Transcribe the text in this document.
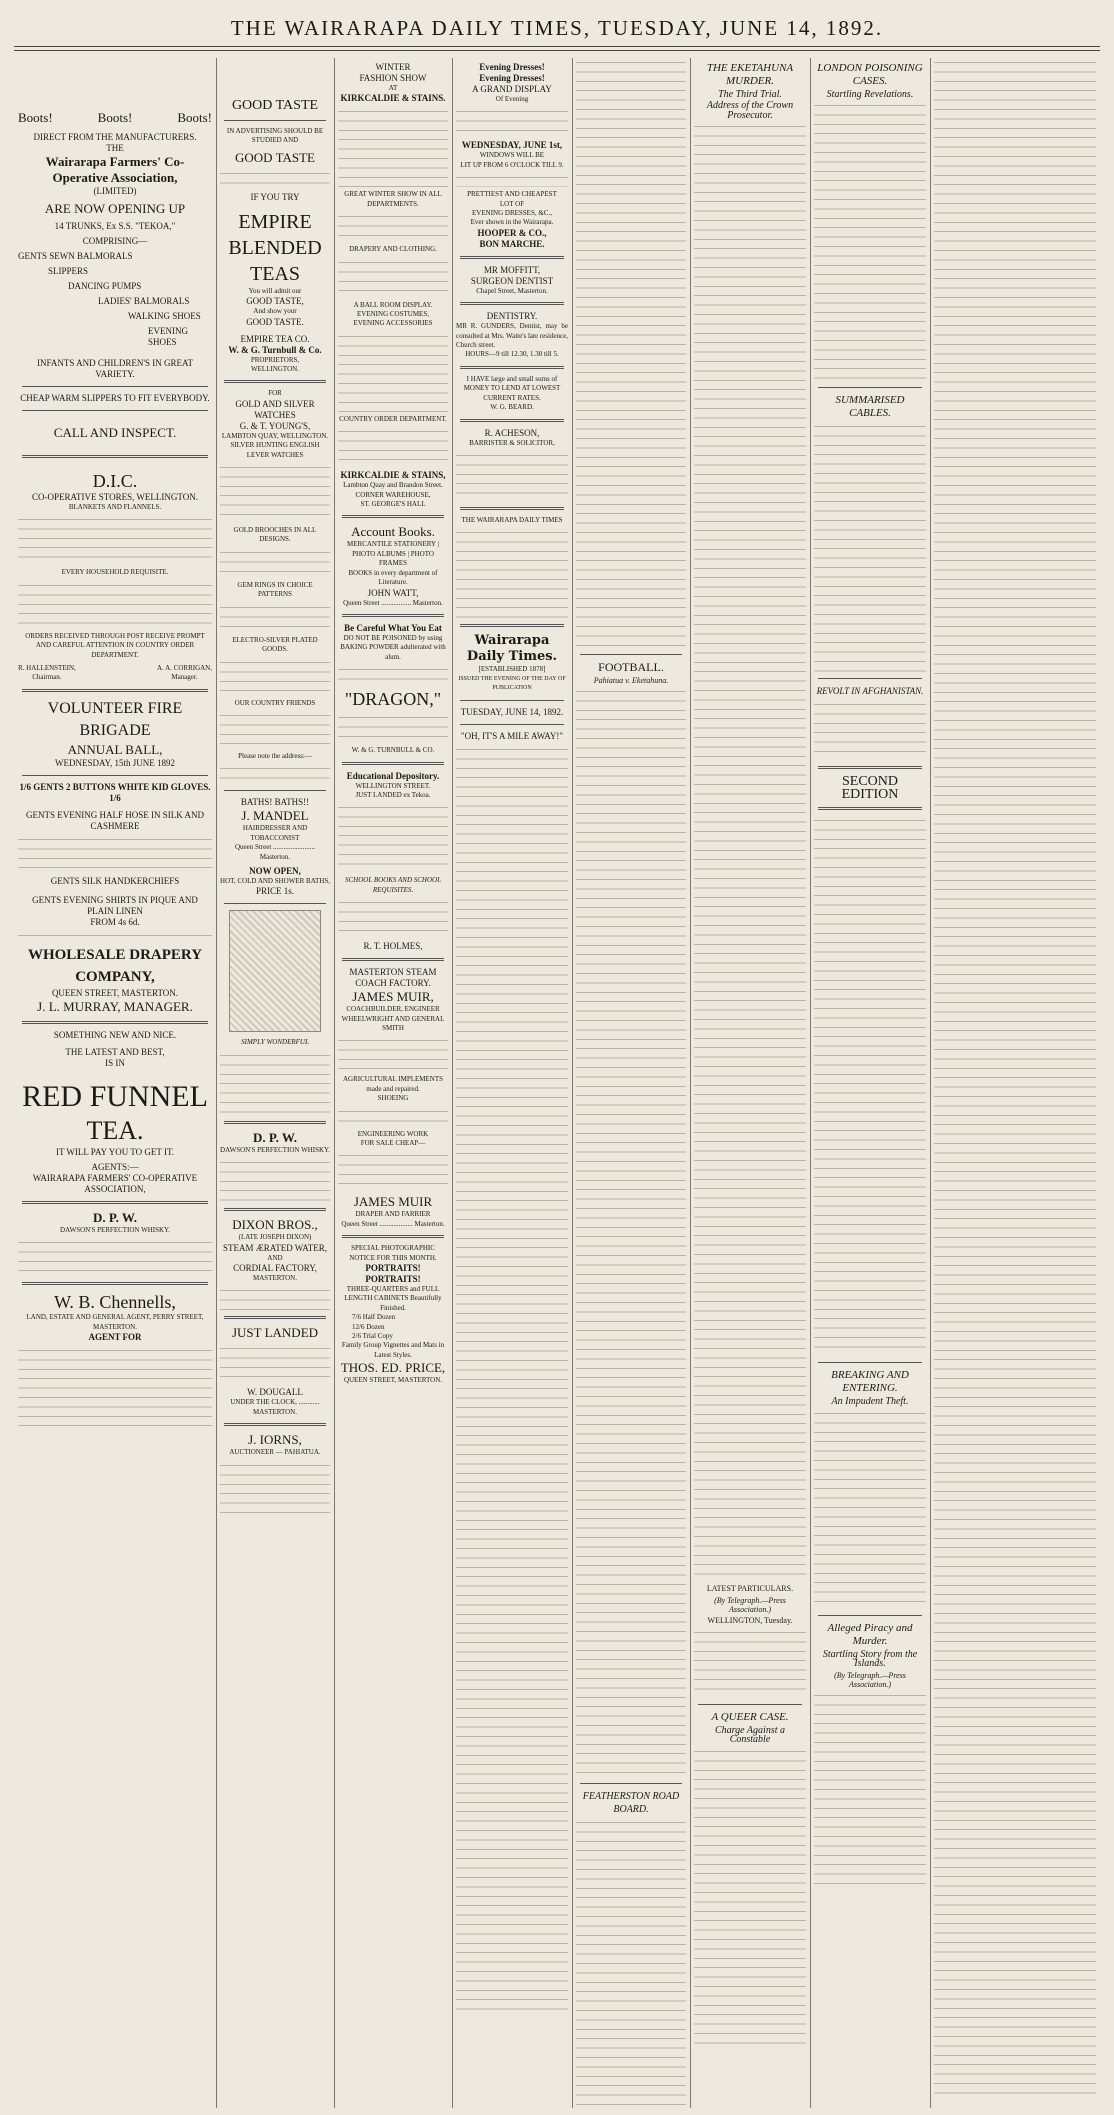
THE WAIRARAPA DAILY TIMES, TUESDAY, JUNE 14, 1892.
Boots!	Boots!	Boots!
DIRECT FROM THE MANUFACTURERS.
THE
Wairarapa Farmers' Co-Operative Association,
(LIMITED)
ARE NOW OPENING UP
14 TRUNKS, Ex S.S. "TEKOA,"
COMPRISING—
GENTS SEWN BALMORALS
SLIPPERS
DANCING PUMPS
LADIES' BALMORALS
WALKING SHOES
EVENING SHOES
INFANTS AND CHILDREN'S IN GREAT VARIETY.
CHEAP WARM SLIPPERS TO FIT EVERYBODY.
CALL AND INSPECT.
D.I.C.
CO-OPERATIVE STORES, WELLINGTON.
BLANKETS AND FLANNELS.
EVERY HOUSEHOLD REQUISITE.
ORDERS RECEIVED THROUGH POST RECEIVE PROMPT AND CAREFUL ATTENTION IN COUNTRY ORDER DEPARTMENT.
R. HALLENSTEIN,
Chairman.
A. A. CORRIGAN,
Manager.
VOLUNTEER FIRE BRIGADE
ANNUAL BALL,
WEDNESDAY, 15th JUNE 1892
1/6 GENTS 2 BUTTONS WHITE KID GLOVES. 1/6
GENTS EVENING HALF HOSE IN SILK AND CASHMERE
GENTS SILK HANDKERCHIEFS
GENTS EVENING SHIRTS IN PIQUE AND PLAIN LINEN
FROM 4s 6d.
WHOLESALE DRAPERY COMPANY,
QUEEN STREET, MASTERTON.
J. L. MURRAY, MANAGER.
SOMETHING NEW AND NICE.
THE LATEST AND BEST,
IS IN
RED FUNNEL
TEA.
IT WILL PAY YOU TO GET IT.
AGENTS:—
WAIRARAPA FARMERS' CO-OPERATIVE ASSOCIATION,
D. P. W.
DAWSON'S PERFECTION WHISKY.
W. B. Chennells,
LAND, ESTATE AND GENERAL AGENT, PERRY STREET, MASTERTON.
AGENT FOR
GOOD TASTE
IN ADVERTISING SHOULD BE STUDIED AND
GOOD TASTE
IF YOU TRY
EMPIRE
BLENDED
TEAS
You will admit our
GOOD TASTE,
And show your
GOOD TASTE.
EMPIRE TEA CO.
W. & G. Turnbull & Co.
PROPRIETORS,
WELLINGTON.
FOR
GOLD AND SILVER WATCHES
G. & T. YOUNG'S,
LAMBTON QUAY, WELLINGTON.
SILVER HUNTING ENGLISH LEVER WATCHES
GOLD BROOCHES IN ALL DESIGNS.
GEM RINGS IN CHOICE PATTERNS
ELECTRO-SILVER PLATED GOODS.
OUR COUNTRY FRIENDS
Please note the address:—
BATHS! BATHS!!
J. MANDEL
HAIRDRESSER AND TOBACCONIST
Queen Street ........................ Masterton.
NOW OPEN,
HOT, COLD AND SHOWER BATHS,
PRICE 1s.
SIMPLY WONDERFUL
D. P. W.
DAWSON'S PERFECTION WHISKY.
DIXON BROS.,
(LATE JOSEPH DIXON)
STEAM ÆRATED WATER,
AND
CORDIAL FACTORY,
MASTERTON.
JUST LANDED
W. DOUGALL
UNDER THE CLOCK, ............ MASTERTON.
J. IORNS,
AUCTIONEER — PAHIATUA.
WINTER
FASHION SHOW
AT
KIRKCALDIE & STAINS.
GREAT WINTER SHOW IN ALL DEPARTMENTS.
DRAPERY AND CLOTHING.
A BALL ROOM DISPLAY.
EVENING COSTUMES,
EVENING ACCESSORIES
COUNTRY ORDER DEPARTMENT.
KIRKCALDIE & STAINS,
Lambton Quay and Brandon Street.
CORNER WAREHOUSE,
ST. GEORGE'S HALL
Account Books.
MERCANTILE STATIONERY | PHOTO ALBUMS | PHOTO FRAMES
BOOKS in every department of Literature.
JOHN WATT,
Queen Street ................. Masterton.
Be Careful What You Eat
DO NOT BE POISONED by using BAKING POWDER adulterated with alum.
"DRAGON,"
W. & G. TURNBULL & CO.
Educational Depository.
WELLINGTON STREET.
JUST LANDED ex Tekoa.
SCHOOL BOOKS AND SCHOOL REQUISITES.
R. T. HOLMES,
MASTERTON STEAM COACH FACTORY.
JAMES MUIR,
COACHBUILDER, ENGINEER WHEELWRIGHT AND GENERAL SMITH
AGRICULTURAL IMPLEMENTS made and repaired.
SHOEING
ENGINEERING WORK
FOR SALE CHEAP—
JAMES MUIR
DRAPER AND FARRIER
Queen Street ................... Masterton.
SPECIAL PHOTOGRAPHIC NOTICE FOR THIS MONTH.
PORTRAITS!
PORTRAITS!
THREE-QUARTERS and FULL LENGTH CABINETS Beautifully Finished.
7/6 Half Dozen
12/6 Dozen
2/6 Trial Copy
Family Group Vignettes and Mats in Latest Styles.
THOS. ED. PRICE,
QUEEN STREET, MASTERTON.
Evening Dresses!
Evening Dresses!
A GRAND DISPLAY
Of Evening
WEDNESDAY, JUNE 1st,
WINDOWS WILL BE
LIT UP FROM 6 O'CLOCK TILL 9.
PRETTIEST AND CHEAPEST
LOT OF
EVENING DRESSES, &C.,
Ever shown in the Wairarapa.
HOOPER & CO.,
BON MARCHE.
MR MOFFITT,
SURGEON DENTIST
Chapel Street, Masterton.
DENTISTRY.
MR R. GUNDERS, Dentist, may be consulted at Mrs. Waite's late residence, Church street.
HOURS—9 till 12.30, 1.30 till 5.
I HAVE large and small sums of MONEY TO LEND AT LOWEST CURRENT RATES.
W. G. BEARD.
R. ACHESON,
BARRISTER & SOLICITOR,
THE WAIRARAPA DAILY TIMES
Wairarapa Daily Times.
[ESTABLISHED 1878]
ISSUED THE EVENING OF THE DAY OF PUBLICATION
TUESDAY, JUNE 14, 1892.
"OH, IT'S A MILE AWAY!"
FOOTBALL.
Pahiatua v. Eketahuna.
FEATHERSTON ROAD BOARD.
THE EKETAHUNA MURDER.
The Third Trial.
Address of the Crown Prosecutor.
LATEST PARTICULARS.
(By Telegraph.—Press Association.)
WELLINGTON, Tuesday.
A QUEER CASE.
Charge Against a Constable
LONDON POISONING CASES.
Startling Revelations.
SUMMARISED CABLES.
REVOLT IN AFGHANISTAN.
SECOND EDITION
BREAKING AND ENTERING.
An Impudent Theft.
Alleged Piracy and Murder.
Startling Story from the Islands.
(By Telegraph.—Press Association.)
